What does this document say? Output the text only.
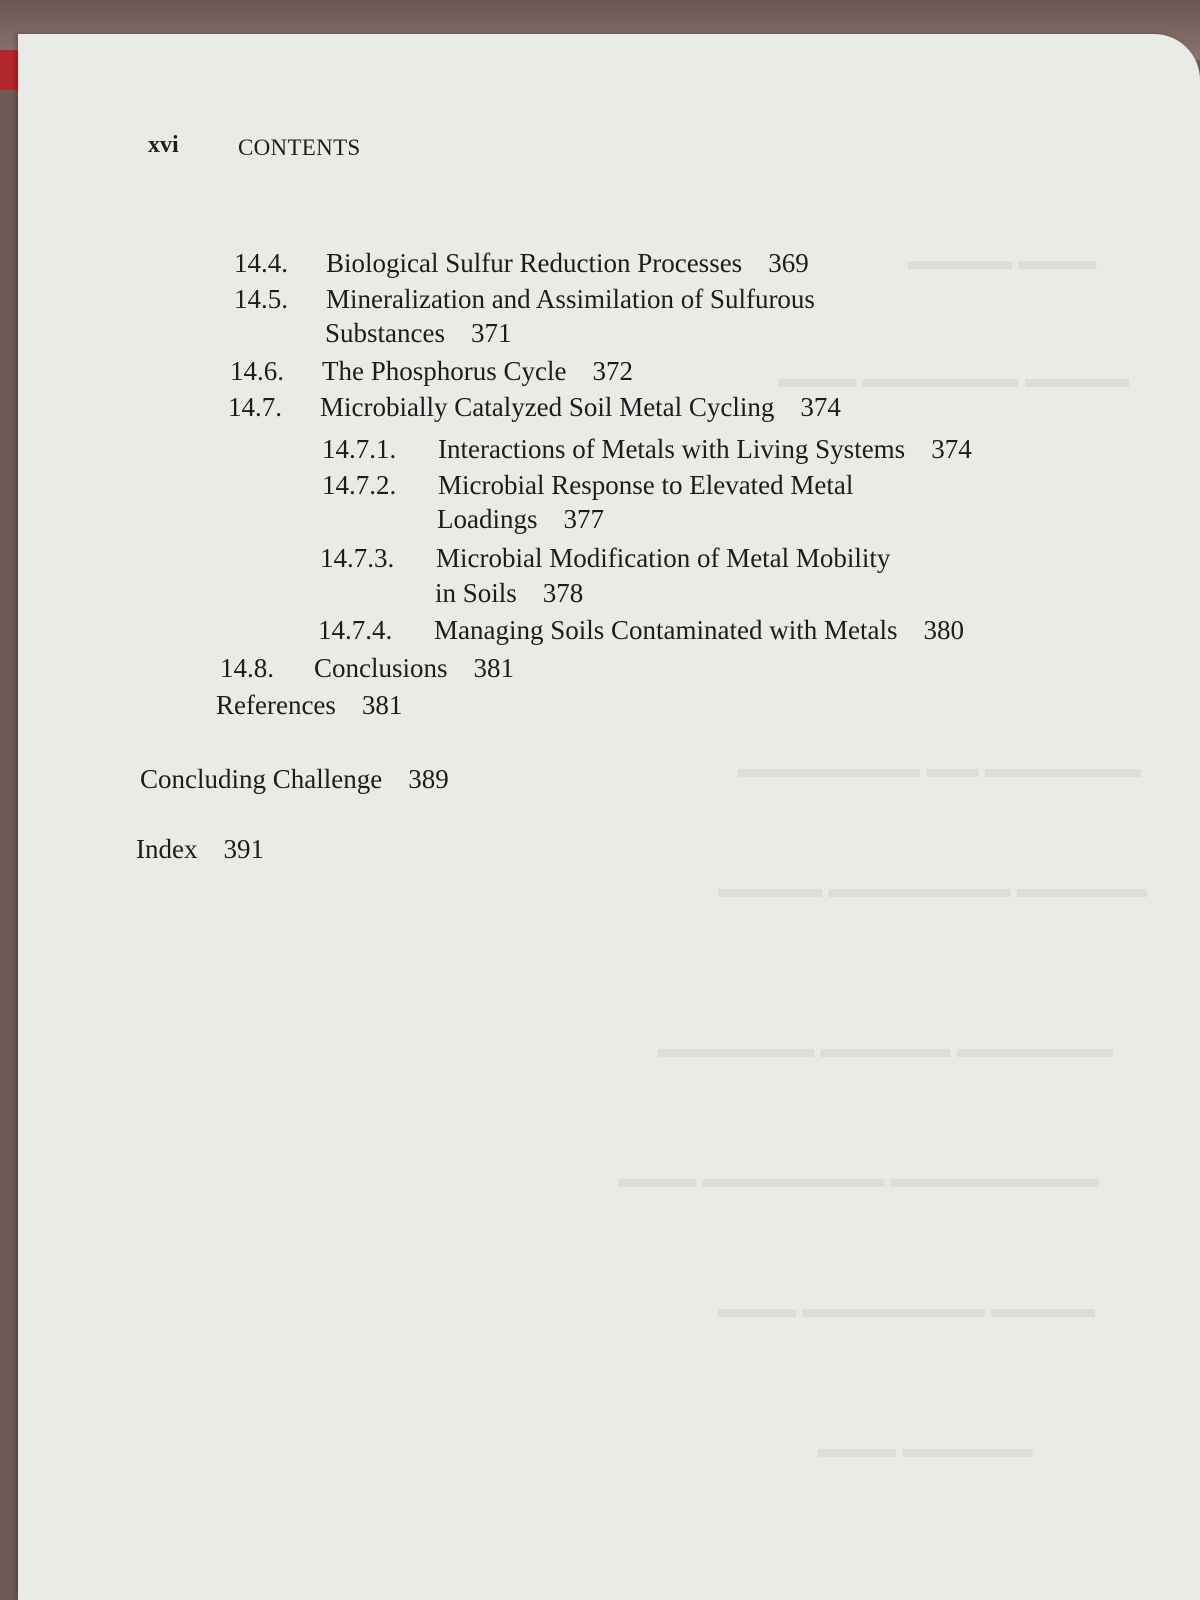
▬▬▬ ▬▬▬▬
▬▬▬▬ ▬▬▬▬▬▬ ▬▬▬
▬▬▬▬▬▬ ▬▬ ▬▬▬▬▬▬▬
▬▬▬▬▬ ▬▬▬▬▬▬▬ ▬▬▬▬
▬▬▬▬▬▬ ▬▬▬▬▬ ▬▬▬▬▬▬
▬▬▬▬▬▬▬▬ ▬▬▬▬▬▬▬ ▬▬▬
▬▬▬▬ ▬▬▬▬▬▬▬ ▬▬▬
▬▬▬▬▬ ▬▬▬
xvi	CONTENTS
14.4. Biological Sulfur Reduction Processes 369
14.5. Mineralization and Assimilation of Sulfurous
Substances 371
14.6. The Phosphorus Cycle 372
14.7. Microbially Catalyzed Soil Metal Cycling 374
14.7.1. Interactions of Metals with Living Systems 374
14.7.2. Microbial Response to Elevated Metal
Loadings 377
14.7.3. Microbial Modification of Metal Mobility
in Soils 378
14.7.4. Managing Soils Contaminated with Metals 380
14.8. Conclusions 381
References 381
Concluding Challenge 389
Index 391
